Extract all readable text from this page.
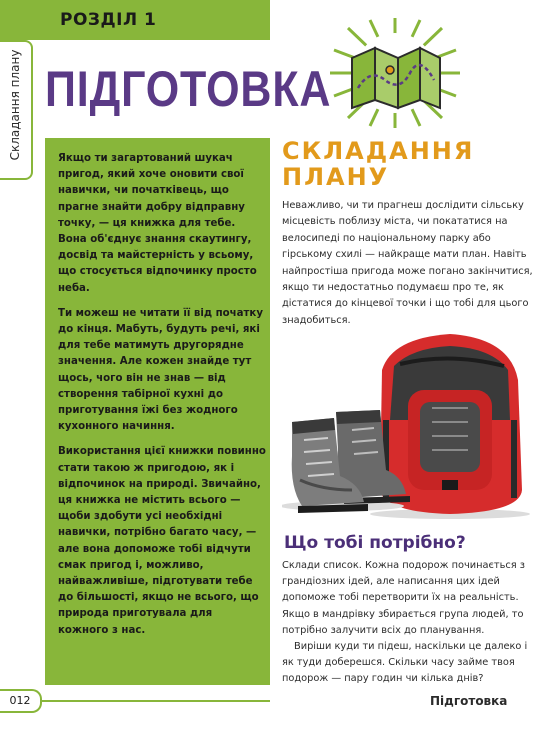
РОЗДІЛ 1
Складання плану ПІДГОТОВКА

Якщо ти загартований шукач пригод, який хоче оновити свої навички, чи початківець, що прагне знайти добру відправну точку, — ця книжка для тебе. Вона об'єднує знання скаутингу, досвід та майстерність у всьому, що стосується відпочинку просто неба.

Ти можеш не читати її від початку до кінця. Мабуть, будуть речі, які для тебе матимуть другорядне значення. Але кожен знайде тут щось, чого він не знав — від створення табірної кухні до приготування їжі без жодного кухонного начиння.

Використання цієї книжки повинно стати такою ж пригодою, як і відпочинок на природі. Звичайно, ця книжка не містить всього — щоби здобути усі необхідні навички, потрібно багато часу, — але вона допоможе тобі відчути смак пригод і, можливо, найважливіше, підготувати тебе до більшості, якщо не всього, що природа приготувала для кожного з нас.

СКЛАДАННЯ
ПЛАНУ
Неважливо, чи ти прагнеш дослідити сільську місцевість поблизу міста, чи покататися на велосипеді по національному парку або гірському схилі — найкраще мати план. Навіть найпростіша пригода може погано закінчитися, якщо ти недостатньо подумаєш про те, як дістатися до кінцевої точки і що тобі для цього знадобиться.
Що тобі потрібно?

Склади список. Кожна подорож починається з грандіозних ідей, але написання цих ідей допоможе тобі перетворити їх на реальність. Якщо в мандрівку збирається група людей, то потрібно залучити всіх до планування.

Виріши куди ти підеш, наскільки це далеко і як туди доберешся. Скільки часу займе твоя подорож — пару годин чи кілька днів?

012	Підготовка
